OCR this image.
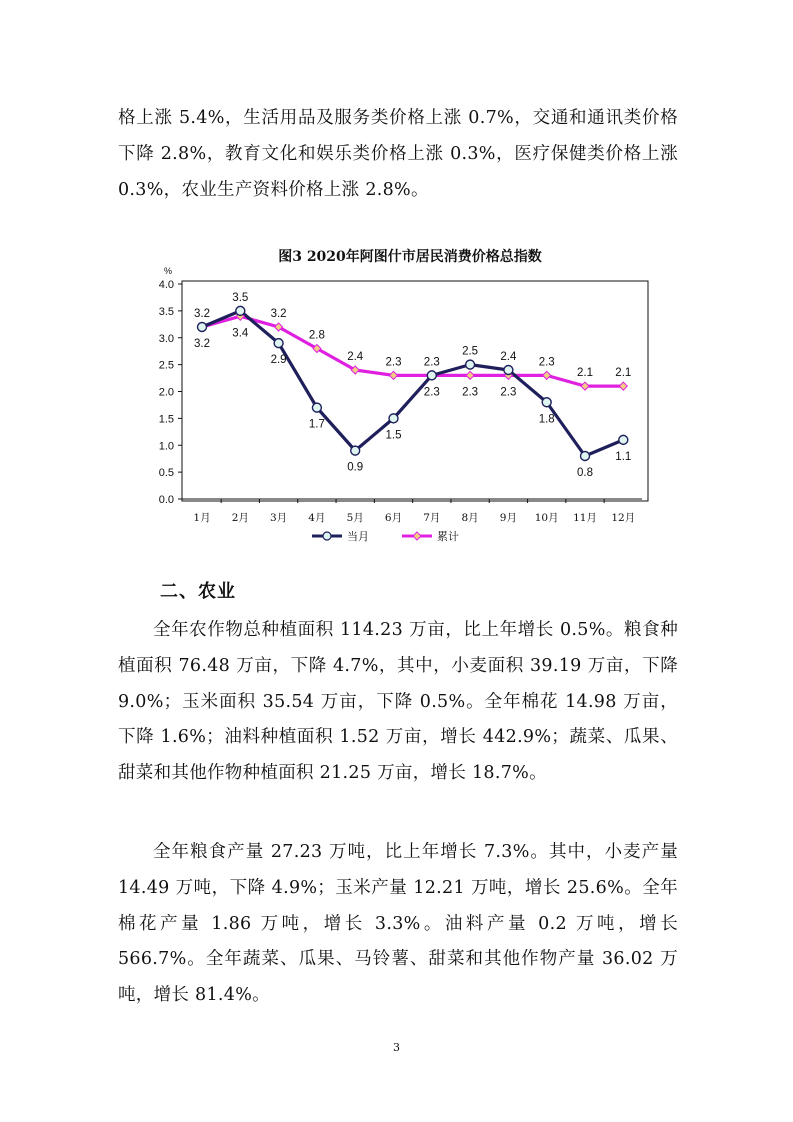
格上涨 5.4%，生活用品及服务类价格上涨 0.7%，交通和通讯类价格下降 2.8%，教育文化和娱乐类价格上涨 0.3%，医疗保健类价格上涨 0.3%，农业生产资料价格上涨 2.8%。

图3 2020年阿图什市居民消费价格总指数
%
0.0
0.5
1.0
1.5
2.0
2.5
3.0
3.5
4.0
1月 2月 3月 4月 5月 6月 7月 8月 9月 10月 11月 12月
3.2
3.5
2.9
1.7
0.9
1.5
2.3
2.5 2.4
1.8
0.8
1.1
3.2
3.4
3.2
2.8
2.4 2.3 2.3
2.3 2.3
2.3
2.1 2.1
当月	累计
二、农业

全年农作物总种植面积 114.23 万亩，比上年增长 0.5%。粮食种植面积 76.48 万亩，下降 4.7%，其中，小麦面积 39.19 万亩，下降 9.0%；玉米面积 35.54 万亩，下降 0.5%。全年棉花 14.98 万亩，下降 1.6%；油料种植面积 1.52 万亩，增长 442.9%；蔬菜、瓜果、甜菜和其他作物种植面积 21.25 万亩，增长 18.7%。

全年粮食产量 27.23 万吨，比上年增长 7.3%。其中，小麦产量 14.49 万吨，下降 4.9%；玉米产量 12.21 万吨，增长 25.6%。全年棉花产量 1.86 万吨，增长 3.3%。油料产量 0.2 万吨，增长 566.7%。全年蔬菜、瓜果、马铃薯、甜菜和其他作物产量 36.02 万吨，增长 81.4%。

3
